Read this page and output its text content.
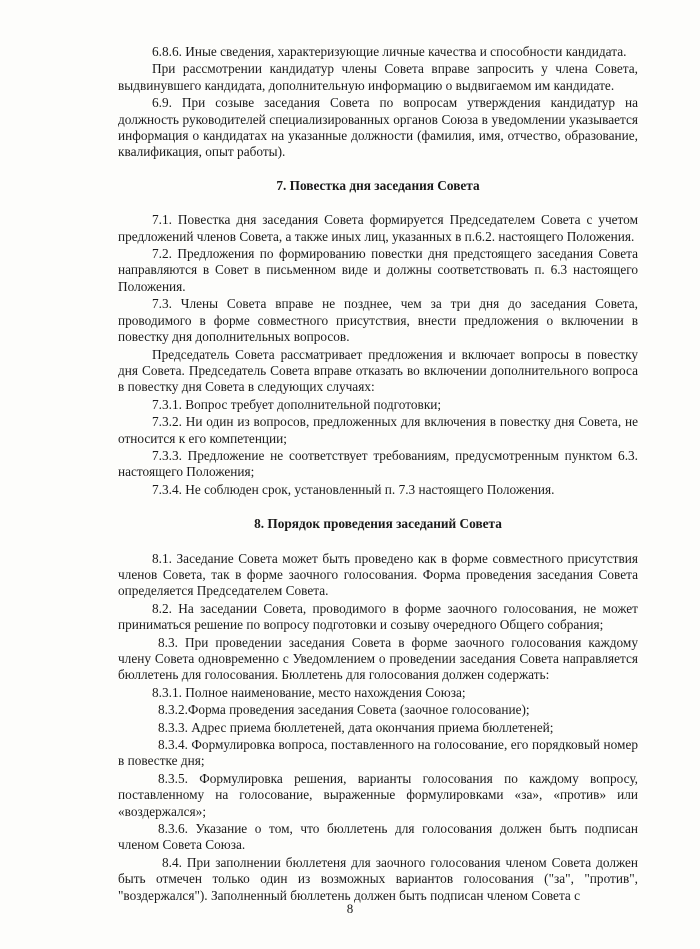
6.8.6. Иные сведения, характеризующие личные качества и способности кандидата.

При рассмотрении кандидатур члены Совета вправе запросить у члена Совета, выдвинувшего кандидата, дополнительную информацию о выдвигаемом им кандидате.

6.9. При созыве заседания Совета по вопросам утверждения кандидатур на должность руководителей специализированных органов Союза в уведомлении указывается информация о кандидатах на указанные должности (фамилия, имя, отчество, образование, квалификация, опыт работы).

7. Повестка дня заседания Совета

7.1. Повестка дня заседания Совета формируется Председателем Совета с учетом предложений членов Совета, а также иных лиц, указанных в п.6.2. настоящего Положения.

7.2. Предложения по формированию повестки дня предстоящего заседания Совета направляются в Совет в письменном виде и должны соответствовать п. 6.3 настоящего Положения.

7.3. Члены Совета вправе не позднее, чем за три дня до заседания Совета, проводимого в форме совместного присутствия, внести предложения о включении в повестку дня дополнительных вопросов.

Председатель Совета рассматривает предложения и включает вопросы в повестку дня Совета. Председатель Совета вправе отказать во включении дополнительного вопроса в повестку дня Совета в следующих случаях:

7.3.1. Вопрос требует дополнительной подготовки;

7.3.2. Ни один из вопросов, предложенных для включения в повестку дня Совета, не относится к его компетенции;

7.3.3. Предложение не соответствует требованиям, предусмотренным пунктом 6.3. настоящего Положения;

7.3.4. Не соблюден срок, установленный п. 7.3 настоящего Положения.

8. Порядок проведения заседаний Совета

8.1. Заседание Совета может быть проведено как в форме совместного присутствия членов Совета, так в форме заочного голосования. Форма проведения заседания Совета определяется Председателем Совета.

8.2. На заседании Совета, проводимого в форме заочного голосования, не может приниматься решение по вопросу подготовки и созыву очередного Общего собрания;

8.3. При проведении заседания Совета в форме заочного голосования каждому члену Совета одновременно с Уведомлением о проведении заседания Совета направляется бюллетень для голосования. Бюллетень для голосования должен содержать:

8.3.1. Полное наименование, место нахождения Союза;

8.3.2.Форма проведения заседания Совета (заочное голосование);

8.3.3. Адрес приема бюллетеней, дата окончания приема бюллетеней;

8.3.4. Формулировка вопроса, поставленного на голосование, его порядковый номер в повестке дня;

8.3.5. Формулировка решения, варианты голосования по каждому вопросу, поставленному на голосование, выраженные формулировками «за», «против» или «воздержался»;

8.3.6. Указание о том, что бюллетень для голосования должен быть подписан членом Совета Союза.

8.4. При заполнении бюллетеня для заочного голосования членом Совета должен быть отмечен только один из возможных вариантов голосования ("за", "против", "воздержался"). Заполненный бюллетень должен быть подписан членом Совета с

8
